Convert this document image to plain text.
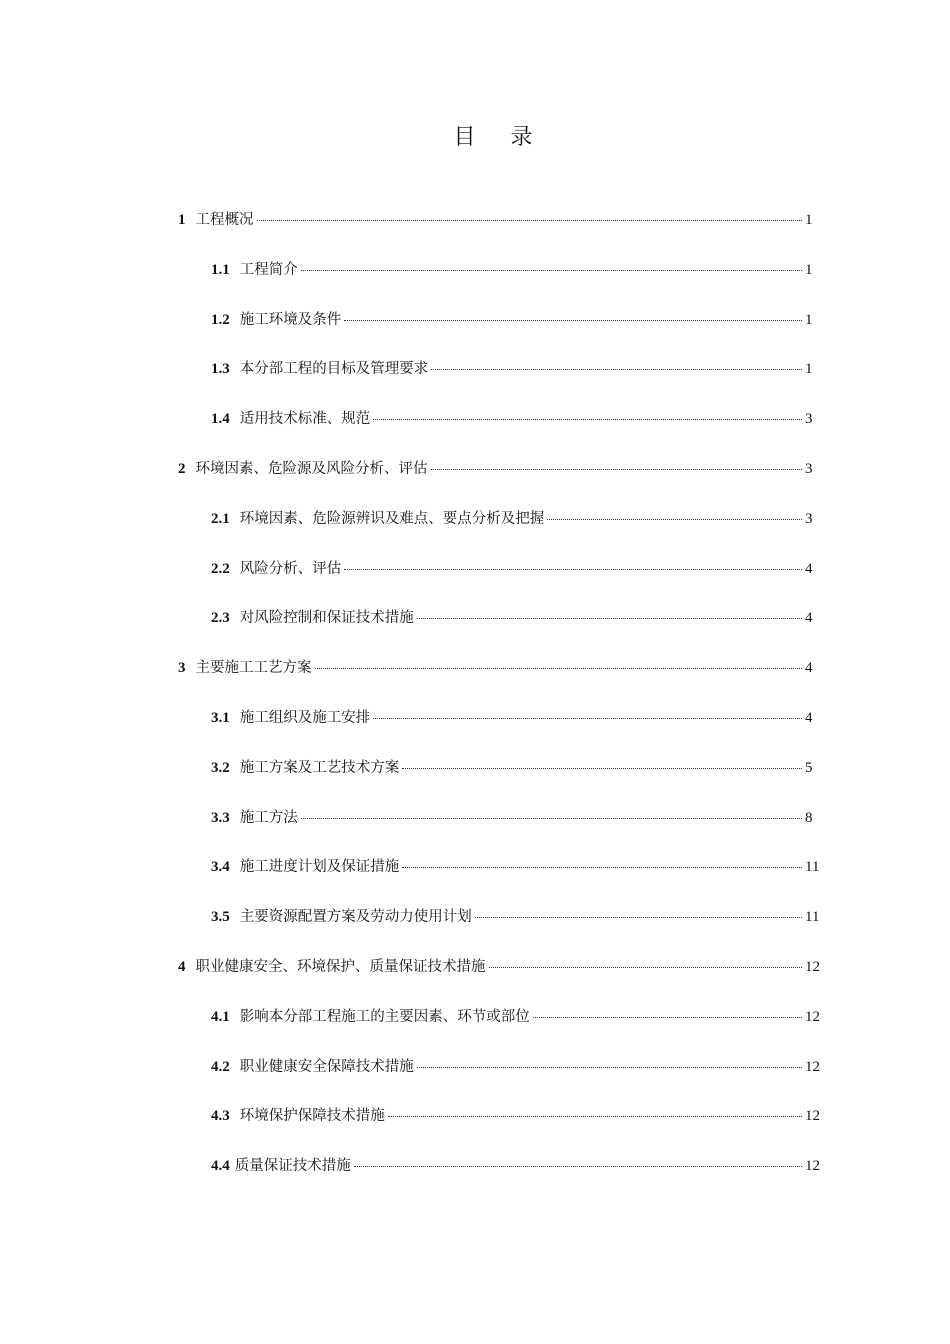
目 录
1 工程概况	1
1.1 工程简介	1
1.2 施工环境及条件	1
1.3 本分部工程的目标及管理要求	1
1.4 适用技术标准、规范	3
2 环境因素、危险源及风险分析、评估	3
2.1 环境因素、危险源辨识及难点、要点分析及把握	3
2.2 风险分析、评估	4
2.3 对风险控制和保证技术措施	4
3 主要施工工艺方案	4
3.1 施工组织及施工安排	4
3.2 施工方案及工艺技术方案	5
3.3 施工方法	8
3.4 施工进度计划及保证措施	11
3.5 主要资源配置方案及劳动力使用计划	11
4 职业健康安全、环境保护、质量保证技术措施	12
4.1 影响本分部工程施工的主要因素、环节或部位	12
4.2 职业健康安全保障技术措施	12
4.3 环境保护保障技术措施	12
4.4 质量保证技术措施	12
